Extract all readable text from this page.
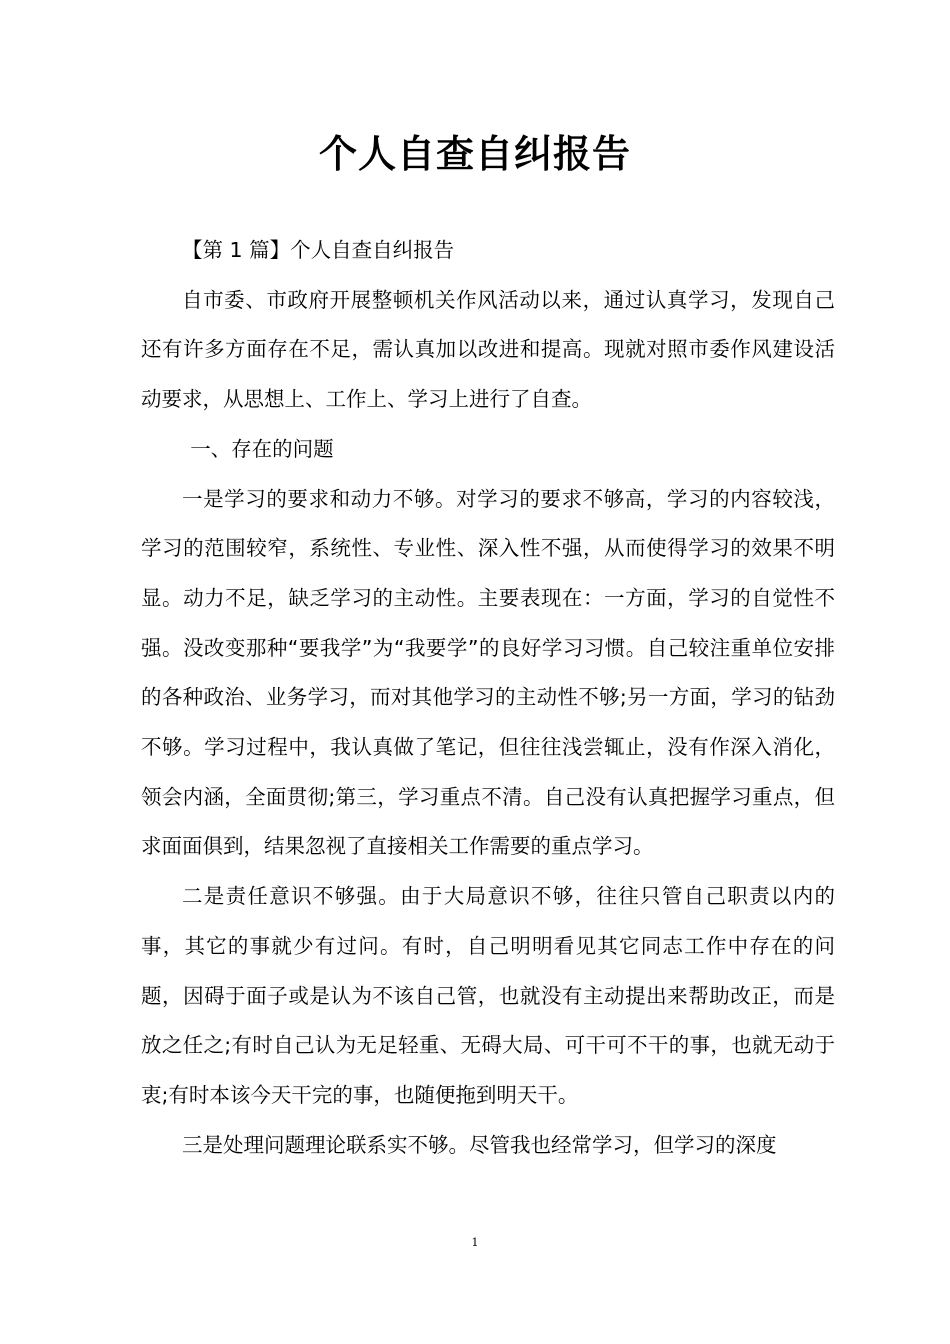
个人自查自纠报告

【第 1 篇】个人自查自纠报告

自市委、市政府开展整顿机关作风活动以来，通过认真学习，发现自己还有许多方面存在不足，需认真加以改进和提高。现就对照市委作风建设活动要求，从思想上、工作上、学习上进行了自查。

一、存在的问题

一是学习的要求和动力不够。对学习的要求不够高，学习的内容较浅，学习的范围较窄，系统性、专业性、深入性不强，从而使得学习的效果不明显。动力不足，缺乏学习的主动性。主要表现在：一方面，学习的自觉性不强。没改变那种“要我学”为“我要学”的良好学习习惯。自己较注重单位安排的各种政治、业务学习，而对其他学习的主动性不够;另一方面，学习的钻劲不够。学习过程中，我认真做了笔记，但往往浅尝辄止，没有作深入消化，领会内涵，全面贯彻;第三，学习重点不清。自己没有认真把握学习重点，但求面面俱到，结果忽视了直接相关工作需要的重点学习。

二是责任意识不够强。由于大局意识不够，往往只管自己职责以内的事，其它的事就少有过问。有时，自己明明看见其它同志工作中存在的问题，因碍于面子或是认为不该自己管，也就没有主动提出来帮助改正，而是放之任之;有时自己认为无足轻重、无碍大局、可干可不干的事，也就无动于衷;有时本该今天干完的事，也随便拖到明天干。

三是处理问题理论联系实不够。尽管我也经常学习，但学习的深度

1
